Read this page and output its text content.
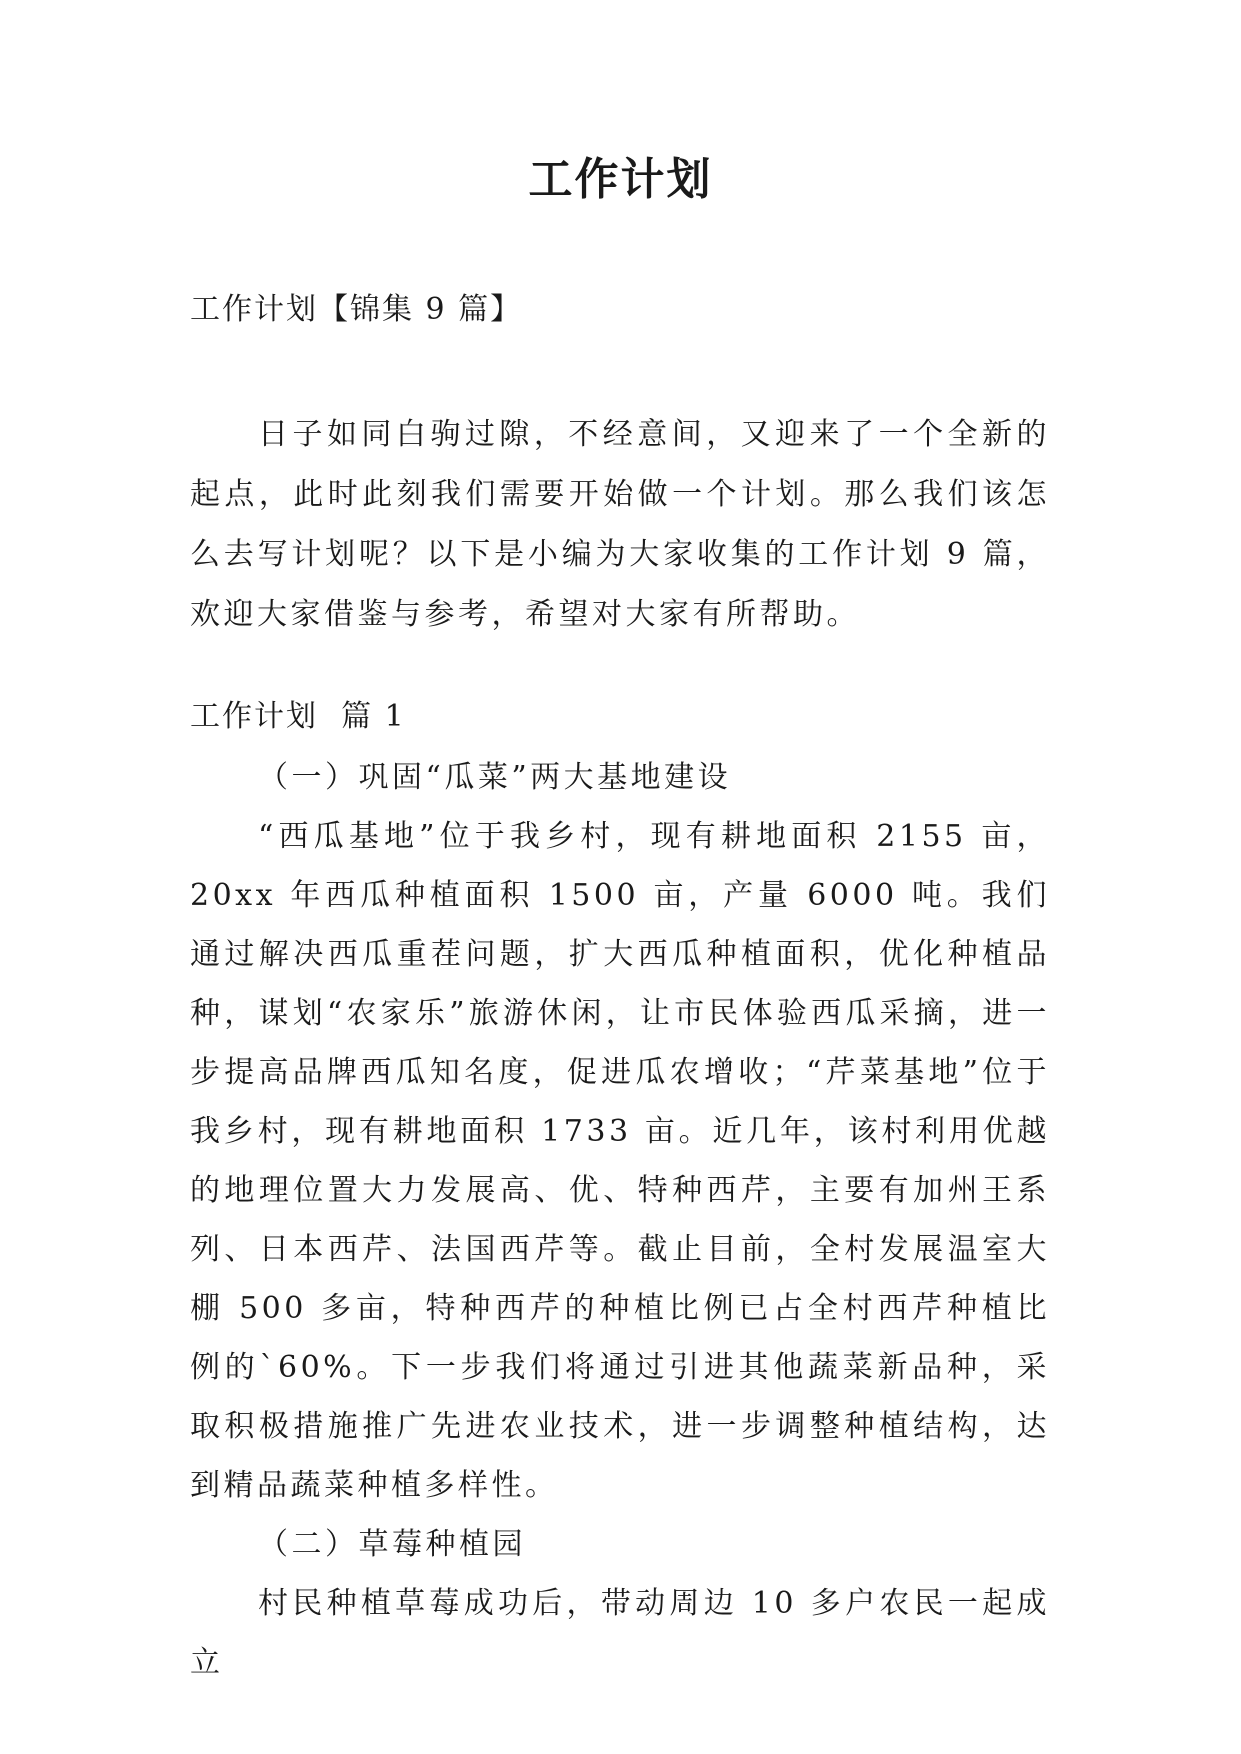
工作计划
工作计划【锦集 9 篇】

日子如同白驹过隙，不经意间，又迎来了一个全新的起点，此时此刻我们需要开始做一个计划。那么我们该怎么去写计划呢？以下是小编为大家收集的工作计划 9 篇，欢迎大家借鉴与参考，希望对大家有所帮助。

工作计划  篇 1

（一）巩固“瓜菜”两大基地建设

“西瓜基地”位于我乡村，现有耕地面积 2155 亩，20xx 年西瓜种植面积 1500 亩，产量 6000 吨。我们通过解决西瓜重茬问题，扩大西瓜种植面积，优化种植品种，谋划“农家乐”旅游休闲，让市民体验西瓜采摘，进一步提高品牌西瓜知名度，促进瓜农增收；“芹菜基地”位于我乡村，现有耕地面积 1733 亩。近几年，该村利用优越的地理位置大力发展高、优、特种西芹，主要有加州王系列、日本西芹、法国西芹等。截止目前，全村发展温室大棚 500 多亩，特种西芹的种植比例已占全村西芹种植比例的`60%。下一步我们将通过引进其他蔬菜新品种，采取积极措施推广先进农业技术，进一步调整种植结构，达到精品蔬菜种植多样性。

（二）草莓种植园

村民种植草莓成功后，带动周边 10 多户农民一起成立
